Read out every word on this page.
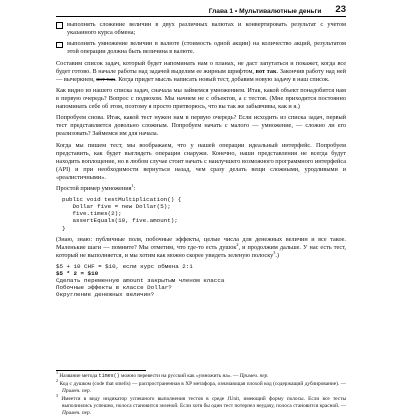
Глава 1 • Мультивалютные деньги 23
выполнять сложение величин в двух различных валютах и конвертировать результат с учетом указанного курса обмена;
выполнять умножение величин в валюте (стоимость одной акции) на количество акций, результатом этой операции должна быть величина в валюте.

Составим список задач, который будет напоминать нам о планах, не даст запутаться и покажет, когда все будет готово. В начале работы над задачей выделим ее жирным шрифтом, вот так. Закончив работу над ней — вычеркнем, вот так. Когда придет мысль написать новый тест, добавим новую задачу в наш список.

Как видно из нашего списка задач, сначала мы займемся умножением. Итак, какой объект понадобится нам в первую очередь? Вопрос с подвохом. Мы начнем не с объектов, а с тестов. (Мне приходится постоянно напоминать себе об этом, поэтому я просто притворюсь, что вы так же забывчивы, как и я.)

Попробуем снова. Итак, какой тест нужен нам в первую очередь? Если исходить из списка задач, первый тест представляется довольно сложным. Попробуем начать с малого — умножение, — сложно ли его реализовать? Займемся им для начала.

Когда мы пишем тест, мы воображаем, что у нашей операции идеальный интерфейс. Попробуем представить, как будет выглядеть операция снаружи. Конечно, наши представления не всегда будут находить воплощение, но в любом случае стоит начать с наилучшего возможного программного интерфейса (API) и при необходимости вернуться назад, чем сразу делать вещи сложными, уродливыми и «реалистичными».

Простой пример умножения$^1$:

public void testMultiplication() {
Dollar five = new Dollar(5);
five.times(2);
assertEquals(10, five.amount);
}

(Знаю, знаю: публичные поля, побочные эффекты, целые числа для денежных величин и все такое. Маленькие шаги — помните? Мы отметим, что где-то есть душок$^2$, и продолжим дальше. У нас есть тест, который не выполняется, и мы хотим как можно скорее увидеть зеленую полоску$^3$.)

$5 + 10 CHF = $10, если курс обмена 2:1
$5 * 2 = $10
Сделать переменную amount закрытым членом класса
Побочные эффекты в классе Dollar?
Округление денежных величин?
$^1$ Название метода times() можно перевести на русский как «умножить на». — Примеч. пер.
$^2$ Код с душком (code that smells) — распространенная в XP метафора, означающая плохой код (содержащий дублирование). — Примеч. пер.
$^3$ Имеется в виду индикатор успешного выполнения тестов в среде JUnit, имеющий форму полосы. Если все тесты выполнились успешно, полоса становится зеленой. Если хотя бы один тест потерпел неудачу, полоса становится красной. — Примеч. пер.
